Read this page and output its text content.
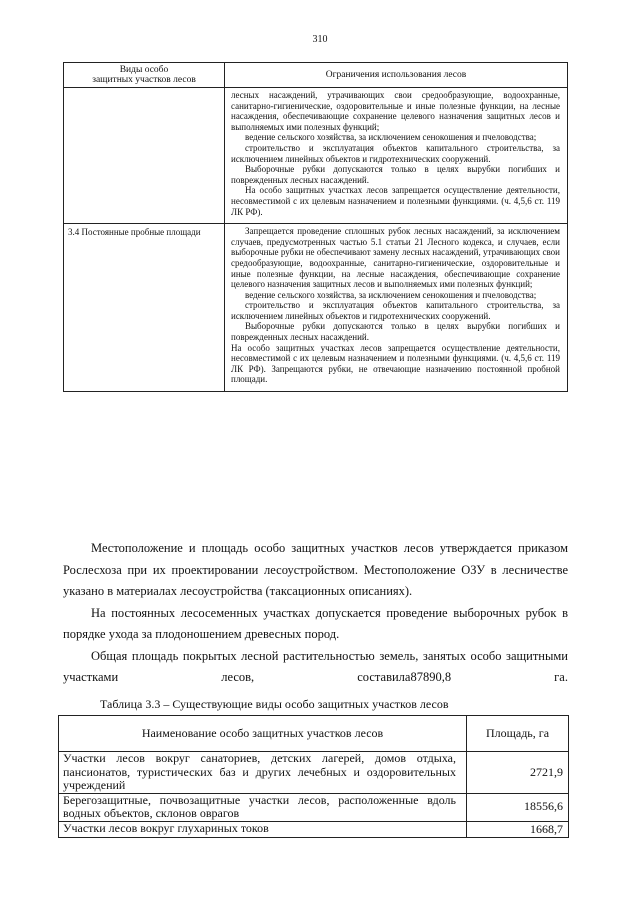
310
Виды особо
защитных участков лесов	Ограничения использования лесов

	лесных насаждений, утрачивающих свои средообразующие, водоохранные, санитарно-гигиенические, оздоровительные и иные полезные функции, на лесные насаждения, обеспечивающие сохранение целевого назначения защитных лесов и выполняемых ими полезных функций;

ведение сельского хозяйства, за исключением сенокошения и пчеловодства;

строительство и эксплуатация объектов капитального строительства, за исключением линейных объектов и гидротехнических сооружений.

Выборочные рубки допускаются только в целях вырубки погибших и поврежденных лесных насаждений.

На особо защитных участках лесов запрещается осуществление деятельности, несовместимой с их целевым назначением и полезными функциями. (ч. 4,5,6 ст. 119 ЛК РФ).

3.4 Постоянные пробные площади	Запрещается проведение сплошных рубок лесных насаждений, за исключением случаев, предусмотренных частью 5.1 статьи 21 Лесного кодекса, и случаев, если выборочные рубки не обеспечивают замену лесных насаждений, утрачивающих свои средообразующие, водоохранные, санитарно-гигиенические, оздоровительные и иные полезные функции, на лесные насаждения, обеспечивающие сохранение целевого назначения защитных лесов и выполняемых ими полезных функций;

ведение сельского хозяйства, за исключением сенокошения и пчеловодства;

строительство и эксплуатация объектов капитального строительства, за исключением линейных объектов и гидротехнических сооружений.

Выборочные рубки допускаются только в целях вырубки погибших и поврежденных лесных насаждений.

На особо защитных участках лесов запрещается осуществление деятельности, несовместимой с их целевым назначением и полезными функциями. (ч. 4,5,6 ст. 119 ЛК РФ). Запрещаются рубки, не отвечающие назначению постоянной пробной площади.

Местоположение и площадь особо защитных участков лесов утверждается приказом Рослесхоза при их проектировании лесоустройством. Местоположение ОЗУ в лесничестве указано в материалах лесоустройства (таксационных описаниях).

На постоянных лесосеменных участках допускается проведение выборочных рубок в порядке ухода за плодоношением древесных пород.

Общая площадь покрытых лесной растительностью земель, занятых особо защитными участками лесов, составила87890,8 га.

Таблица 3.3 – Существующие виды особо защитных участков лесов
Наименование особо защитных участков лесов	Площадь, га
Участки лесов вокруг санаториев, детских лагерей, домов отдыха, пансионатов, туристических баз и других лечебных и оздоровительных учреждений	2721,9
Берегозащитные, почвозащитные участки лесов, расположенные вдоль водных объектов, склонов оврагов	18556,6
Участки лесов вокруг глухариных токов	1668,7
